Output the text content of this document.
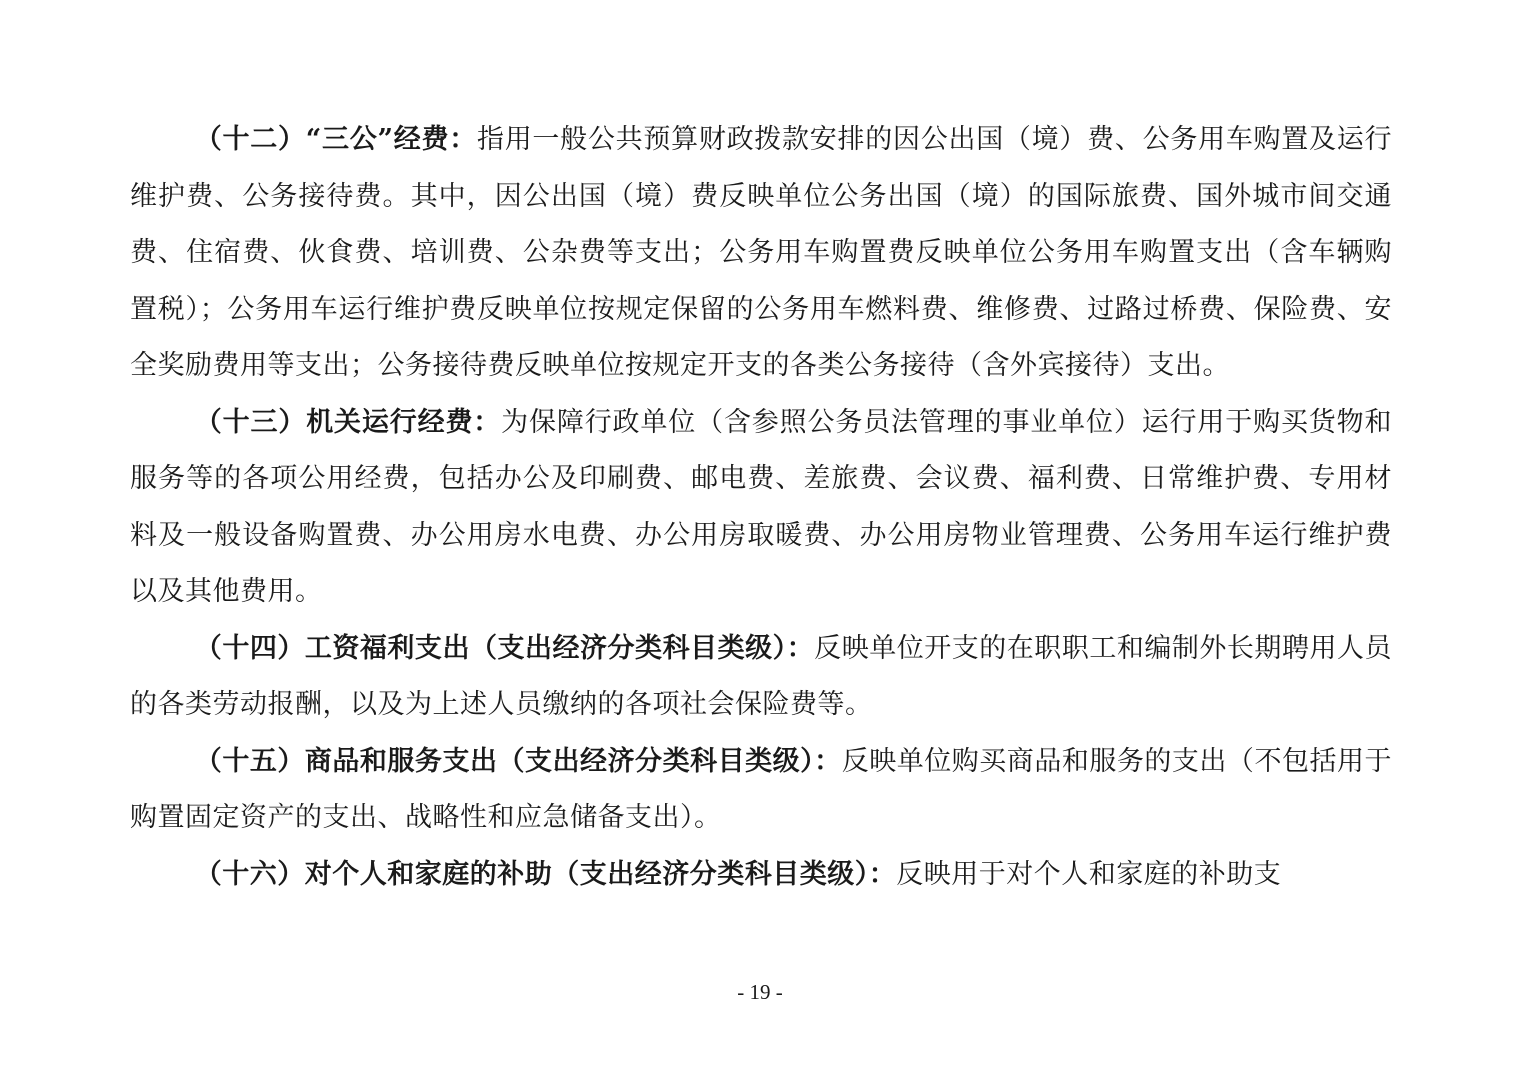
（十二）“三公”经费：指用一般公共预算财政拨款安排的因公出国（境）费、公务用车购置及运行维护费、公务接待费。其中，因公出国（境）费反映单位公务出国（境）的国际旅费、国外城市间交通费、住宿费、伙食费、培训费、公杂费等支出；公务用车购置费反映单位公务用车购置支出（含车辆购置税）；公务用车运行维护费反映单位按规定保留的公务用车燃料费、维修费、过路过桥费、保险费、安全奖励费用等支出；公务接待费反映单位按规定开支的各类公务接待（含外宾接待）支出。

（十三）机关运行经费：为保障行政单位（含参照公务员法管理的事业单位）运行用于购买货物和服务等的各项公用经费，包括办公及印刷费、邮电费、差旅费、会议费、福利费、日常维护费、专用材料及一般设备购置费、办公用房水电费、办公用房取暖费、办公用房物业管理费、公务用车运行维护费以及其他费用。

（十四）工资福利支出（支出经济分类科目类级）：反映单位开支的在职职工和编制外长期聘用人员的各类劳动报酬，以及为上述人员缴纳的各项社会保险费等。

（十五）商品和服务支出（支出经济分类科目类级）：反映单位购买商品和服务的支出（不包括用于购置固定资产的支出、战略性和应急储备支出）。

（十六）对个人和家庭的补助（支出经济分类科目类级）：反映用于对个人和家庭的补助支

- 19 -
